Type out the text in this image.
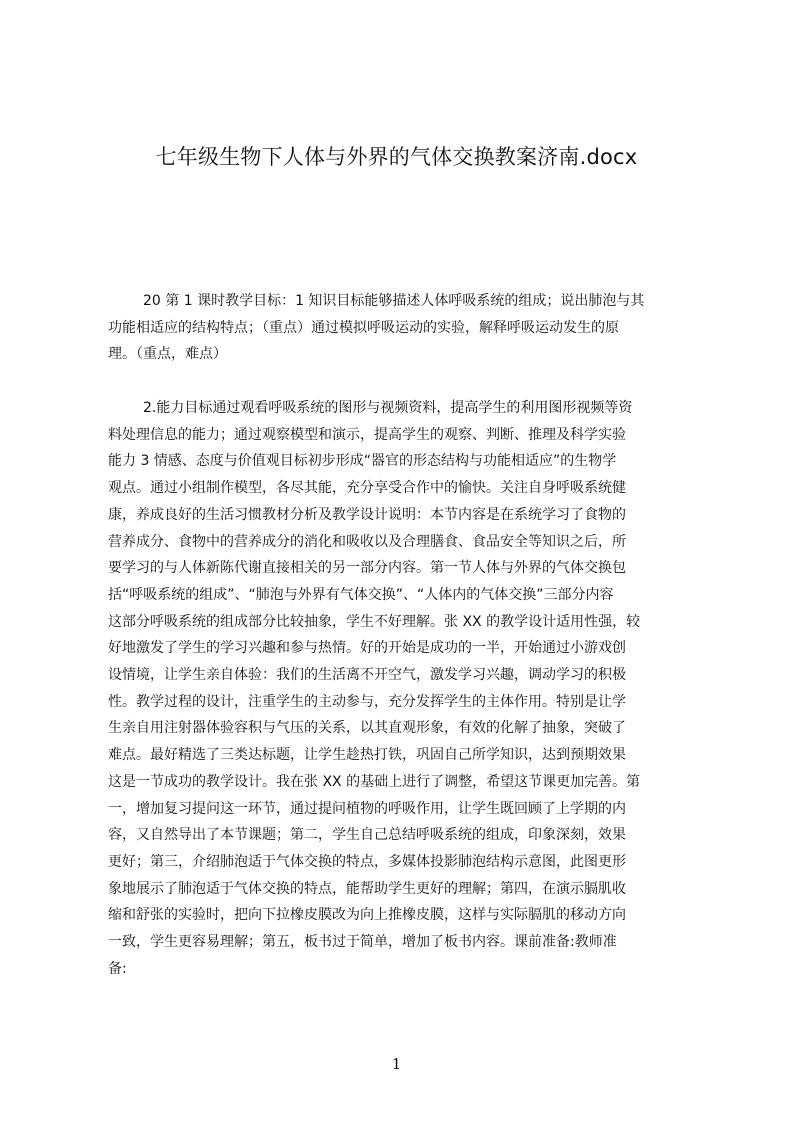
七年级生物下人体与外界的气体交换教案济南.docx
20 第 1 课时教学目标：1 知识目标能够描述人体呼吸系统的组成；说出肺泡与其
功能相适应的结构特点；（重点）通过模拟呼吸运动的实验，解释呼吸运动发生的原
理。（重点，难点）
2.能力目标通过观看呼吸系统的图形与视频资料，提高学生的利用图形视频等资
料处理信息的能力；通过观察模型和演示，提高学生的观察、判断、推理及科学实验
能力 3 情感、态度与价值观目标初步形成“器官的形态结构与功能相适应”的生物学
观点。通过小组制作模型，各尽其能，充分享受合作中的愉快。关注自身呼吸系统健
康，养成良好的生活习惯教材分析及教学设计说明：本节内容是在系统学习了食物的
营养成分、食物中的营养成分的消化和吸收以及合理膳食、食品安全等知识之后，所
要学习的与人体新陈代谢直接相关的另一部分内容。第一节人体与外界的气体交换包
括“呼吸系统的组成”、“肺泡与外界有气体交换”、“人体内的气体交换”三部分内容
这部分呼吸系统的组成部分比较抽象，学生不好理解。张 XX 的教学设计适用性强，较
好地激发了学生的学习兴趣和参与热情。好的开始是成功的一半，开始通过小游戏创
设情境，让学生亲自体验：我们的生活离不开空气，激发学习兴趣，调动学习的积极
性。教学过程的设计，注重学生的主动参与，充分发挥学生的主体作用。特别是让学
生亲自用注射器体验容积与气压的关系，以其直观形象，有效的化解了抽象，突破了
难点。最好精选了三类达标题，让学生趁热打铁，巩固自己所学知识，达到预期效果
这是一节成功的教学设计。我在张 XX 的基础上进行了调整，希望这节课更加完善。第
一，增加复习提问这一环节，通过提问植物的呼吸作用，让学生既回顾了上学期的内
容，又自然导出了本节课题；第二，学生自己总结呼吸系统的组成，印象深刻，效果
更好；第三，介绍肺泡适于气体交换的特点，多媒体投影肺泡结构示意图，此图更形
象地展示了肺泡适于气体交换的特点，能帮助学生更好的理解；第四，在演示膈肌收
缩和舒张的实验时，把向下拉橡皮膜改为向上推橡皮膜，这样与实际膈肌的移动方向
一致，学生更容易理解；第五，板书过于简单，增加了板书内容。课前准备:教师准
备:
1
